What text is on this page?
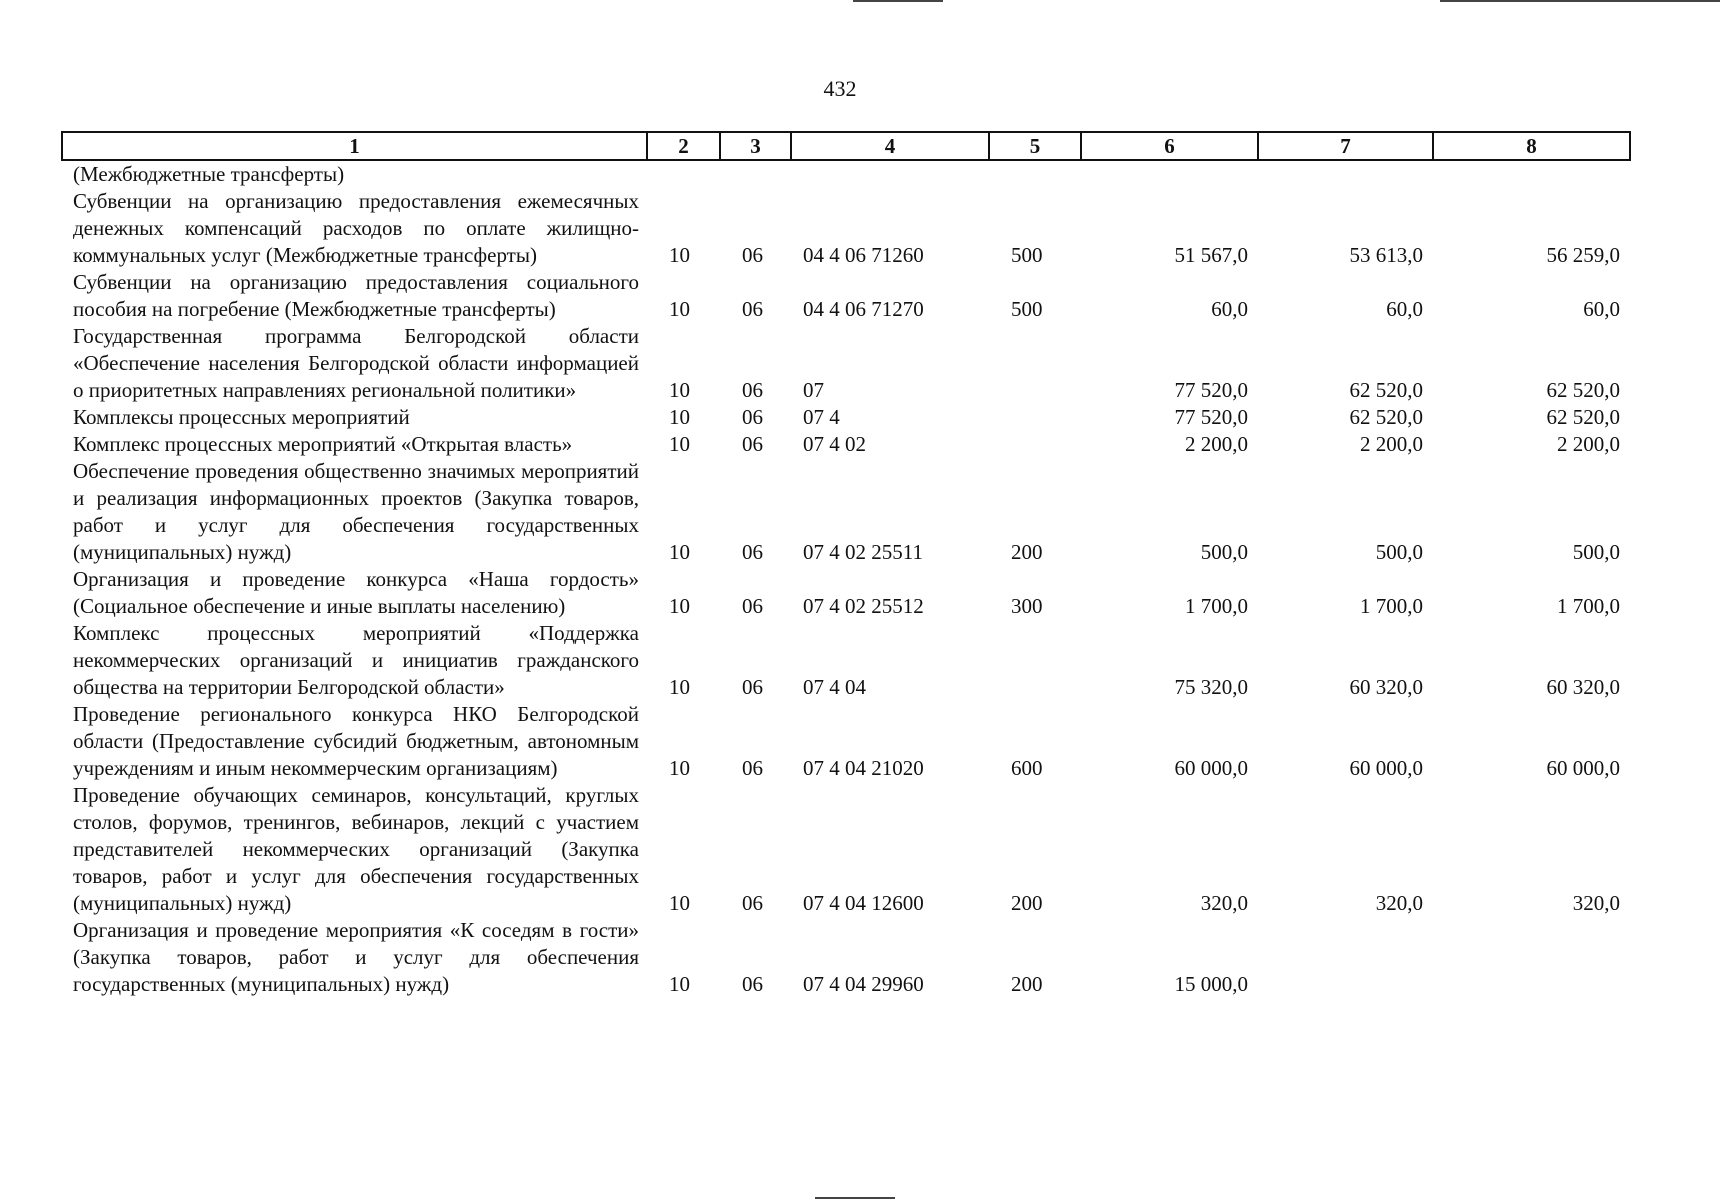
432
1	2	3	4	5	6	7	8
(Межбюджетные трансферты)							
Субвенции на организацию предоставления ежемесячных денежных компенсаций расходов по оплате жилищно-коммунальных услуг (Межбюджетные трансферты)	10	06	04 4 06 71260	500	51 567,0	53 613,0	56 259,0
Субвенции на организацию предоставления социального пособия на погребение (Межбюджетные трансферты)	10	06	04 4 06 71270	500	60,0	60,0	60,0
Государственная программа Белгородской области «Обеспечение населения Белгородской области информацией о приоритетных направлениях региональной политики»	10	06	07		77 520,0	62 520,0	62 520,0
Комплексы процессных мероприятий	10	06	07 4		77 520,0	62 520,0	62 520,0
Комплекс процессных мероприятий «Открытая власть»	10	06	07 4 02		2 200,0	2 200,0	2 200,0
Обеспечение проведения общественно значимых мероприятий и реализация информационных проектов (Закупка товаров, работ и услуг для обеспечения государственных (муниципальных) нужд)	10	06	07 4 02 25511	200	500,0	500,0	500,0
Организация и проведение конкурса «Наша гордость» (Социальное обеспечение и иные выплаты населению)	10	06	07 4 02 25512	300	1 700,0	1 700,0	1 700,0
Комплекс процессных мероприятий «Поддержка некоммерческих организаций и инициатив гражданского общества на территории Белгородской области»	10	06	07 4 04		75 320,0	60 320,0	60 320,0
Проведение регионального конкурса НКО Белгородской области (Предоставление субсидий бюджетным, автономным учреждениям и иным некоммерческим организациям)	10	06	07 4 04 21020	600	60 000,0	60 000,0	60 000,0
Проведение обучающих семинаров, консультаций, круглых столов, форумов, тренингов, вебинаров, лекций с участием представителей некоммерческих организаций (Закупка товаров, работ и услуг для обеспечения государственных (муниципальных) нужд)	10	06	07 4 04 12600	200	320,0	320,0	320,0
Организация и проведение мероприятия «К соседям в гости» (Закупка товаров, работ и услуг для обеспечения государственных (муниципальных) нужд)	10	06	07 4 04 29960	200	15 000,0		
